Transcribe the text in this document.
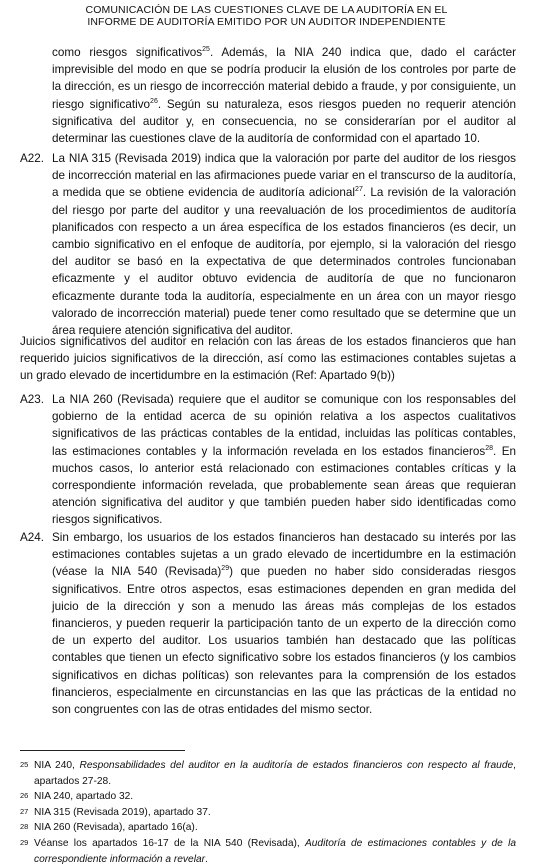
COMUNICACIÓN DE LAS CUESTIONES CLAVE DE LA AUDITORÍA EN EL
INFORME DE AUDITORÍA EMITIDO POR UN AUDITOR INDEPENDIENTE

como riesgos significativos$^{25}$. Además, la NIA 240 indica que, dado el carácter imprevisible del modo en que se podría producir la elusión de los controles por parte de la dirección, es un riesgo de incorrección material debido a fraude, y por consiguiente, un riesgo significativo$^{26}$. Según su naturaleza, esos riesgos pueden no requerir atención significativa del auditor y, en consecuencia, no se considerarían por el auditor al determinar las cuestiones clave de la auditoría de conformidad con el apartado 10.

A22. La NIA 315 (Revisada 2019) indica que la valoración por parte del auditor de los riesgos de incorrección material en las afirmaciones puede variar en el transcurso de la auditoría, a medida que se obtiene evidencia de auditoría adicional$^{27}$. La revisión de la valoración del riesgo por parte del auditor y una reevaluación de los procedimientos de auditoría planificados con respecto a un área específica de los estados financieros (es decir, un cambio significativo en el enfoque de auditoría, por ejemplo, si la valoración del riesgo del auditor se basó en la expectativa de que determinados controles funcionaban eficazmente y el auditor obtuvo evidencia de auditoría de que no funcionaron eficazmente durante toda la auditoría, especialmente en un área con un mayor riesgo valorado de incorrección material) puede tener como resultado que se determine que un área requiere atención significativa del auditor.

Juicios significativos del auditor en relación con las áreas de los estados financieros que han requerido juicios significativos de la dirección, así como las estimaciones contables sujetas a un grado elevado de incertidumbre en la estimación (Ref: Apartado 9(b))

A23. La NIA 260 (Revisada) requiere que el auditor se comunique con los responsables del gobierno de la entidad acerca de su opinión relativa a los aspectos cualitativos significativos de las prácticas contables de la entidad, incluidas las políticas contables, las estimaciones contables y la información revelada en los estados financieros$^{28}$. En muchos casos, lo anterior está relacionado con estimaciones contables críticas y la correspondiente información revelada, que probablemente sean áreas que requieran atención significativa del auditor y que también pueden haber sido identificadas como riesgos significativos.

A24. Sin embargo, los usuarios de los estados financieros han destacado su interés por las estimaciones contables sujetas a un grado elevado de incertidumbre en la estimación (véase la NIA 540 (Revisada)$^{29}$) que pueden no haber sido consideradas riesgos significativos. Entre otros aspectos, esas estimaciones dependen en gran medida del juicio de la dirección y son a menudo las áreas más complejas de los estados financieros, y pueden requerir la participación tanto de un experto de la dirección como de un experto del auditor. Los usuarios también han destacado que las políticas contables que tienen un efecto significativo sobre los estados financieros (y los cambios significativos en dichas políticas) son relevantes para la comprensión de los estados financieros, especialmente en circunstancias en las que las prácticas de la entidad no son congruentes con las de otras entidades del mismo sector.

25 NIA 240, Responsabilidades del auditor en la auditoría de estados financieros con respecto al fraude, apartados 27-28.

26 NIA 240, apartado 32.

27 NIA 315 (Revisada 2019), apartado 37.

28 NIA 260 (Revisada), apartado 16(a).

29 Véanse los apartados 16-17 de la NIA 540 (Revisada), Auditoría de estimaciones contables y de la correspondiente información a revelar.
